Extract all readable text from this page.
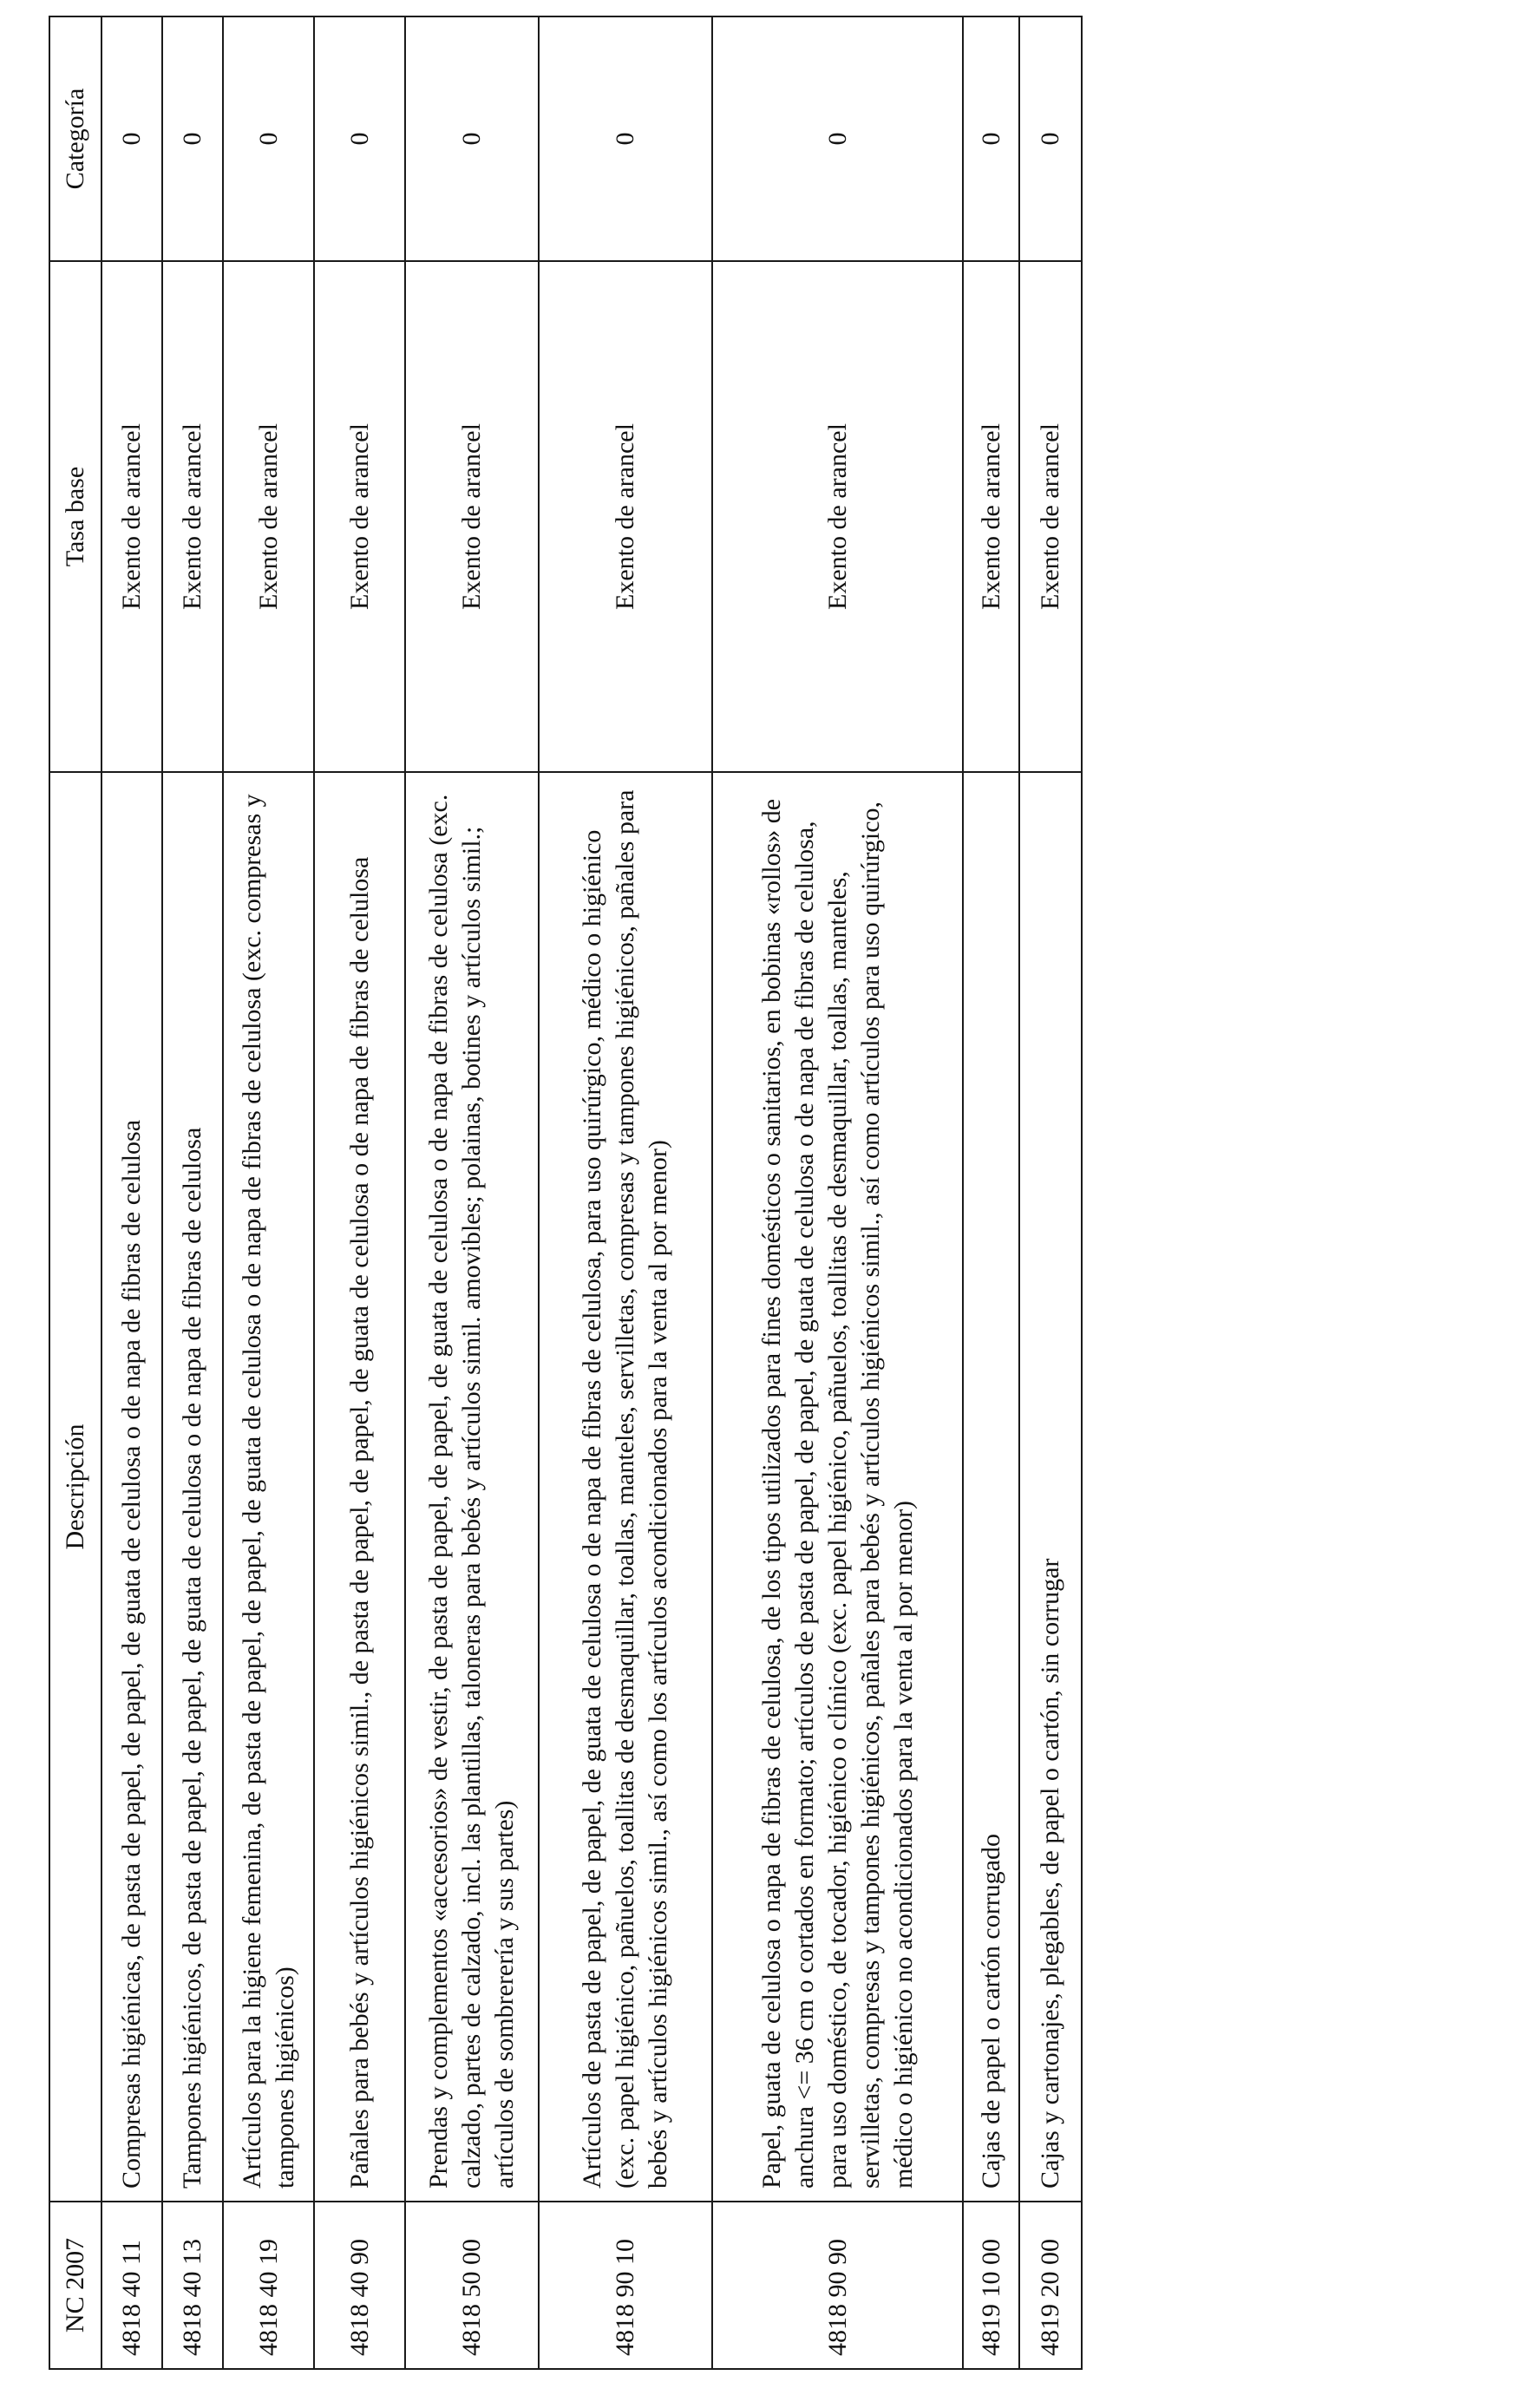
NC 2007	Descripción	Tasa base	Categoría
4818 40 11	Compresas higiénicas, de pasta de papel, de papel, de guata de celulosa o de napa de fibras de celulosa	Exento de arancel	0
4818 40 13	Tampones higiénicos, de pasta de papel, de papel, de guata de celulosa o de napa de fibras de celulosa	Exento de arancel	0
4818 40 19	Artículos para la higiene femenina, de pasta de papel, de papel, de guata de celulosa o de napa de fibras de celulosa (exc. compresas y tampones higiénicos)	Exento de arancel	0
4818 40 90	Pañales para bebés y artículos higiénicos simil., de pasta de papel, de papel, de guata de celulosa o de napa de fibras de celulosa	Exento de arancel	0
4818 50 00	Prendas y complementos «accesorios» de vestir, de pasta de papel, de papel, de guata de celulosa o de napa de fibras de celulosa (exc. calzado, partes de calzado, incl. las plantillas, taloneras para bebés y artículos simil. amovibles; polainas, botines y artículos simil.; artículos de sombrerería y sus partes)	Exento de arancel	0
4818 90 10	Artículos de pasta de papel, de papel, de guata de celulosa o de napa de fibras de celulosa, para uso quirúrgico, médico o higiénico (exc. papel higiénico, pañuelos, toallitas de desmaquillar, toallas, manteles, servilletas, compresas y tampones higiénicos, pañales para bebés y artículos higiénicos simil., así como los artículos acondicionados para la venta al por menor)	Exento de arancel	0
4818 90 90	Papel, guata de celulosa o napa de fibras de celulosa, de los tipos utilizados para fines domésticos o sanitarios, en bobinas «rollos» de anchura <= 36 cm o cortados en formato; artículos de pasta de papel, de papel, de guata de celulosa o de napa de fibras de celulosa, para uso doméstico, de tocador, higiénico o clínico (exc. papel higiénico, pañuelos, toallitas de desmaquillar, toallas, manteles, servilletas, compresas y tampones higiénicos, pañales para bebés y artículos higiénicos simil., así como artículos para uso quirúrgico, médico o higiénico no acondicionados para la venta al por menor)	Exento de arancel	0
4819 10 00	Cajas de papel o cartón corrugado	Exento de arancel	0
4819 20 00	Cajas y cartonajes, plegables, de papel o cartón, sin corrugar	Exento de arancel	0
